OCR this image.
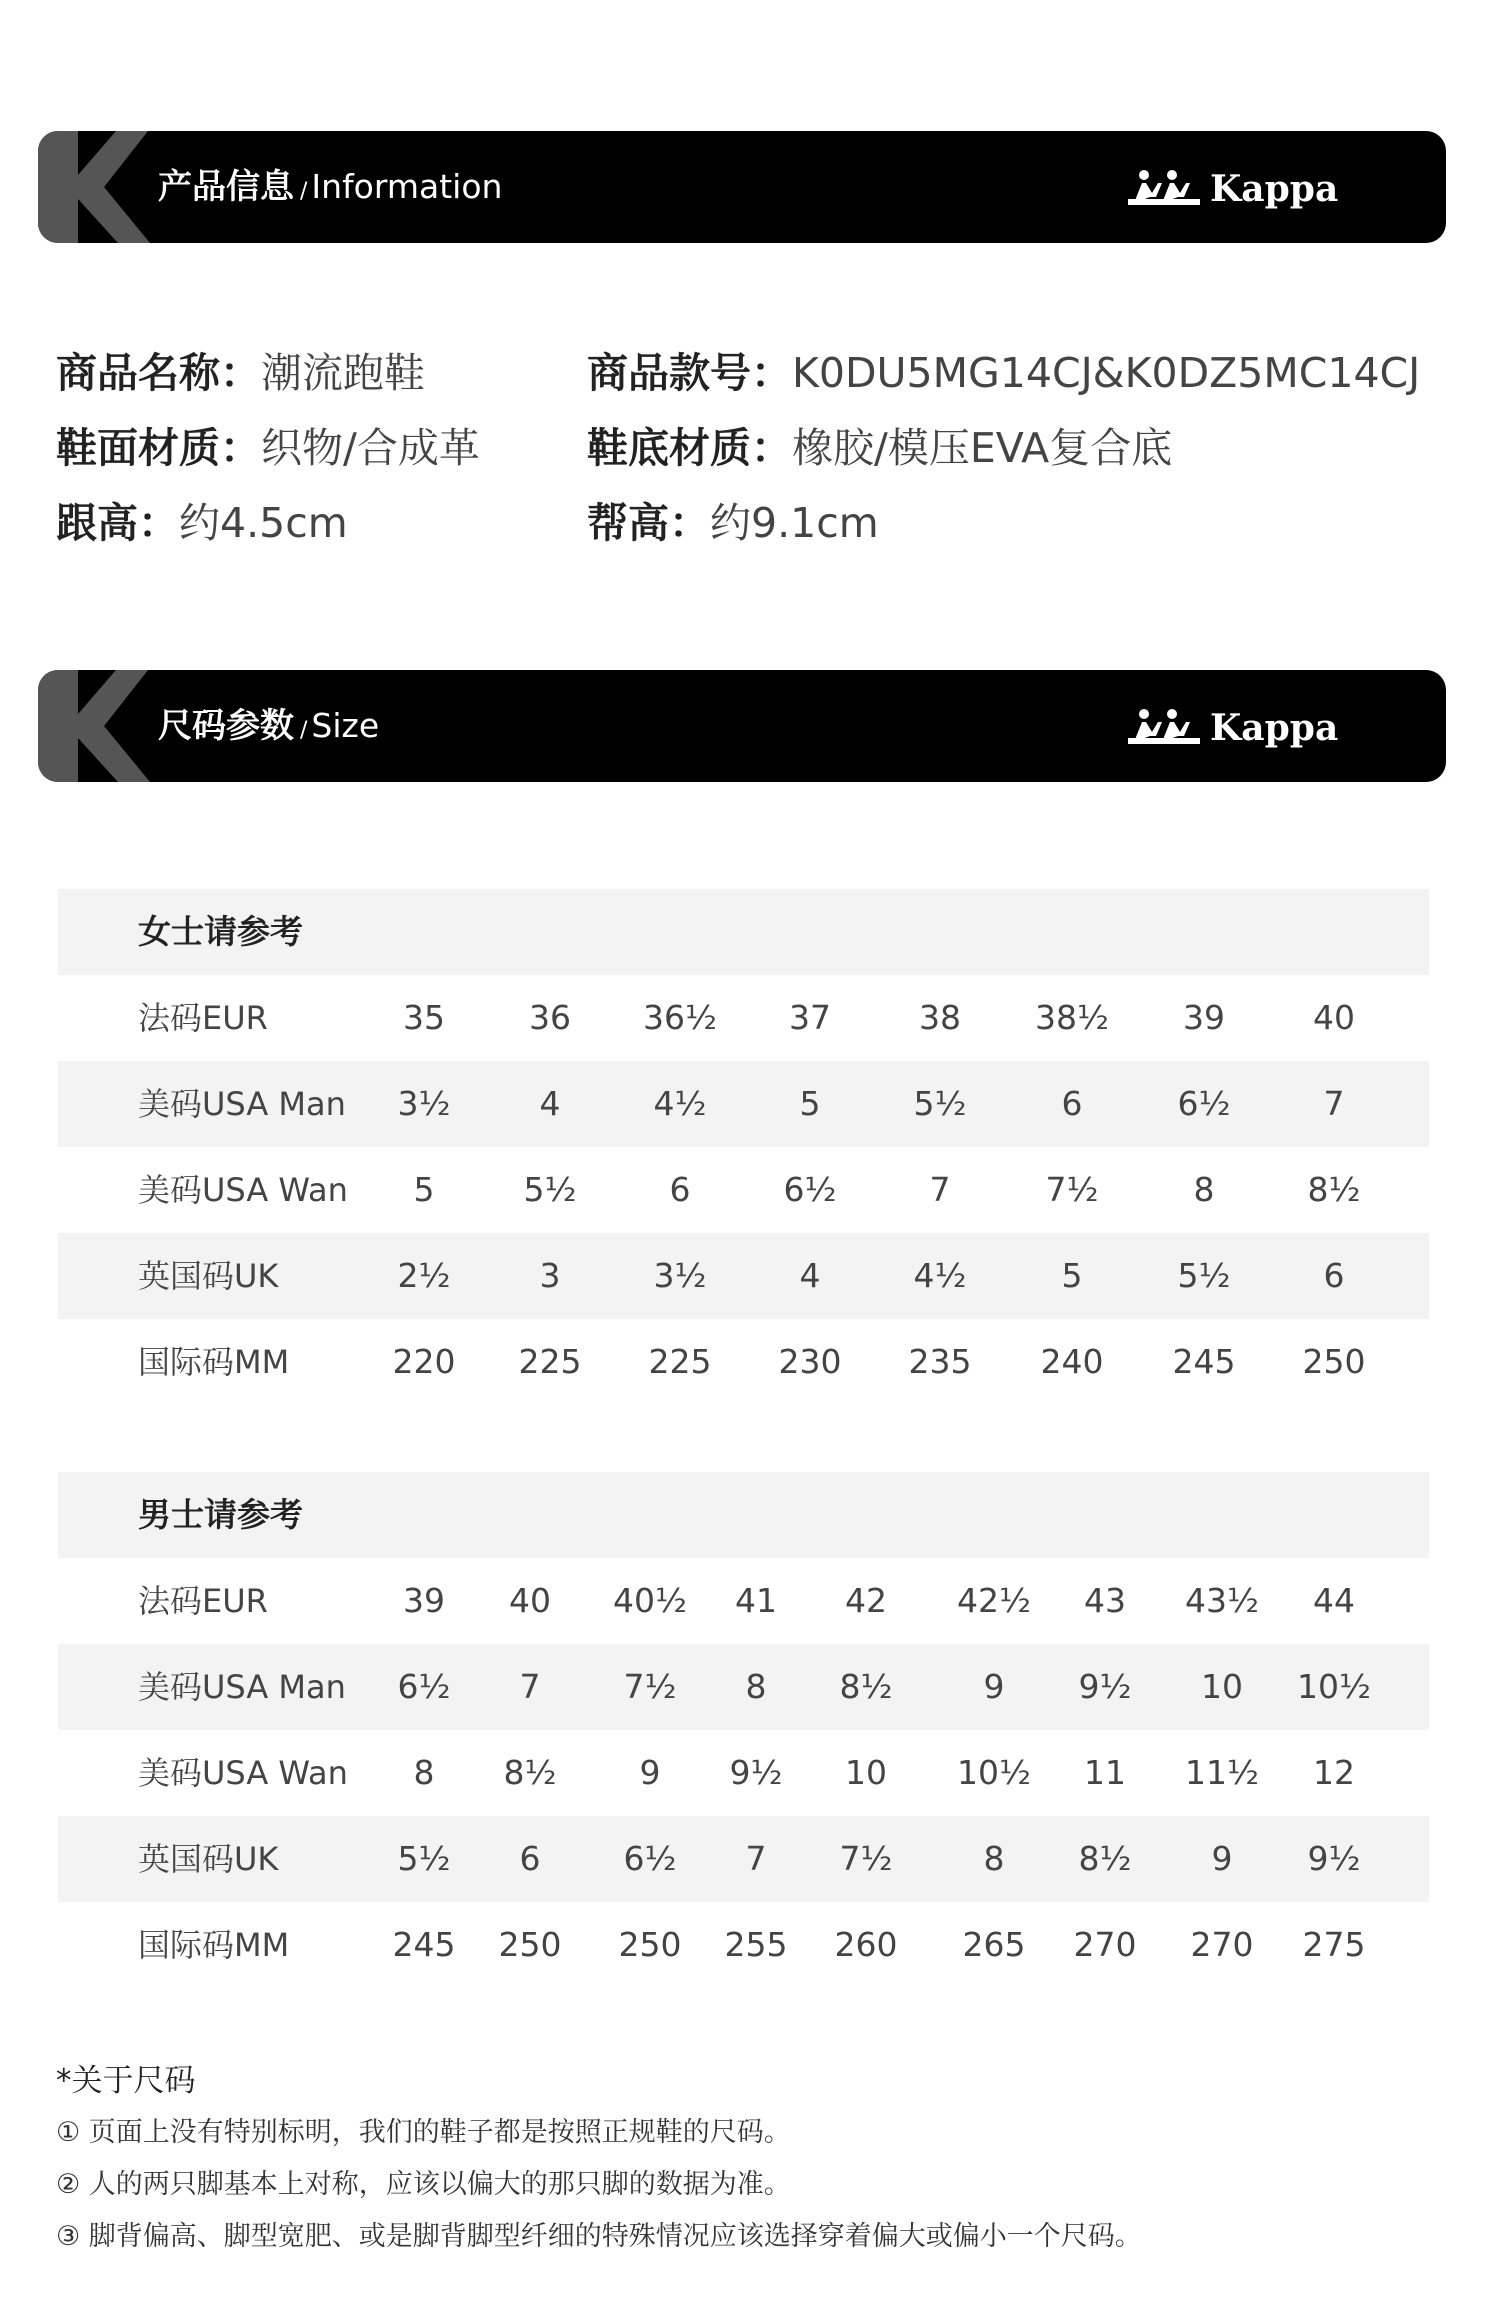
产品信息 / Information	Kappa
商品名称：潮流跑鞋	商品款号：K0DU5MG14CJ&K0DZ5MC14CJ
鞋面材质：织物/合成革	鞋底材质：橡胶/模压EVA复合底
跟高：约4.5cm	帮高：约9.1cm
尺码参数 / Size	Kappa
女士请参考
法码EUR	35	36	36½	37	38	38½	39	40
美码USA Man	3½	4	4½	5	5½	6	6½	7
美码USA Wan	5	5½	6	6½	7	7½	8	8½
英国码UK	2½	3	3½	4	4½	5	5½	6
国际码MM	220	225	225	230	235	240	245	250
男士请参考
法码EUR	39	40	40½	41	42	42½	43	43½	44
美码USA Man	6½	7	7½	8	8½	9	9½	10	10½
美码USA Wan	8	8½	9	9½	10	10½	11	11½	12
英国码UK	5½	6	6½	7	7½	8	8½	9	9½
国际码MM	245	250	250	255	260	265	270	270	275
*关于尺码
① 页面上没有特别标明，我们的鞋子都是按照正规鞋的尺码。
② 人的两只脚基本上对称，应该以偏大的那只脚的数据为准。
③ 脚背偏高、脚型宽肥、或是脚背脚型纤细的特殊情况应该选择穿着偏大或偏小一个尺码。
